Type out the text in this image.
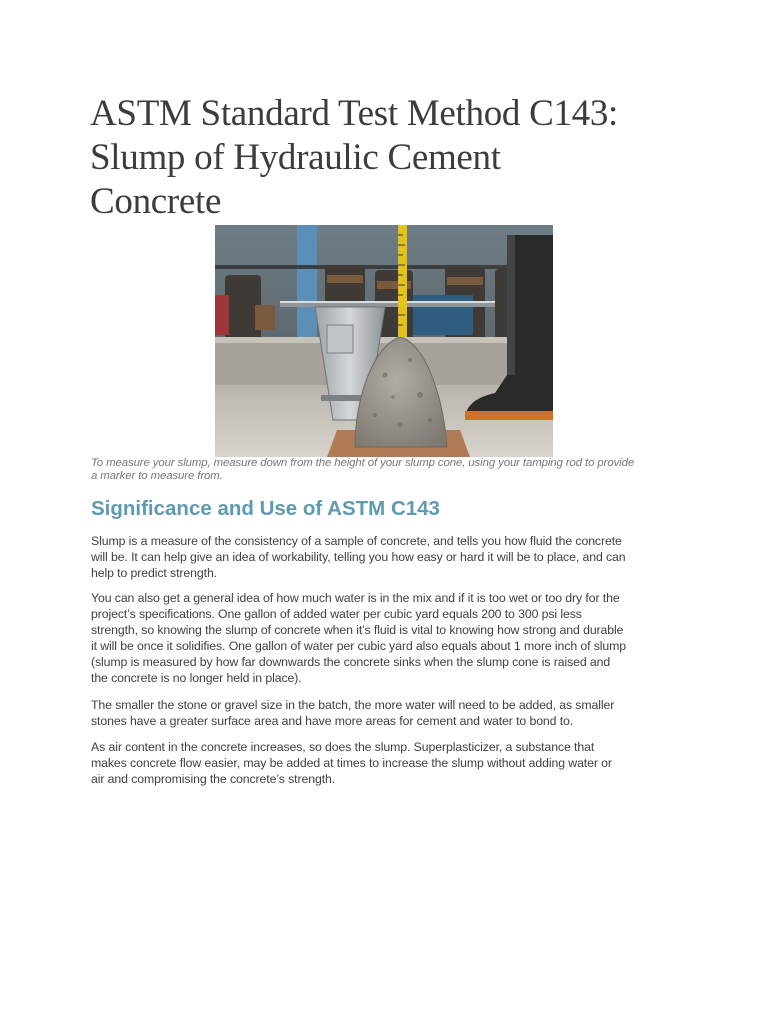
ASTM Standard Test Method C143:
Slump of Hydraulic Cement
Concrete

To measure your slump, measure down from the height of your slump cone, using your tamping rod to provide
a marker to measure from.

Significance and Use of ASTM C143

Slump is a measure of the consistency of a sample of concrete, and tells you how fluid the concrete
will be. It can help give an idea of workability, telling you how easy or hard it will be to place, and can
help to predict strength.

You can also get a general idea of how much water is in the mix and if it is too wet or too dry for the
project’s specifications. One gallon of added water per cubic yard equals 200 to 300 psi less
strength, so knowing the slump of concrete when it’s fluid is vital to knowing how strong and durable
it will be once it solidifies. One gallon of water per cubic yard also equals about 1 more inch of slump
(slump is measured by how far downwards the concrete sinks when the slump cone is raised and
the concrete is no longer held in place).

The smaller the stone or gravel size in the batch, the more water will need to be added, as smaller
stones have a greater surface area and have more areas for cement and water to bond to.

As air content in the concrete increases, so does the slump. Superplasticizer, a substance that
makes concrete flow easier, may be added at times to increase the slump without adding water or
air and compromising the concrete’s strength.
